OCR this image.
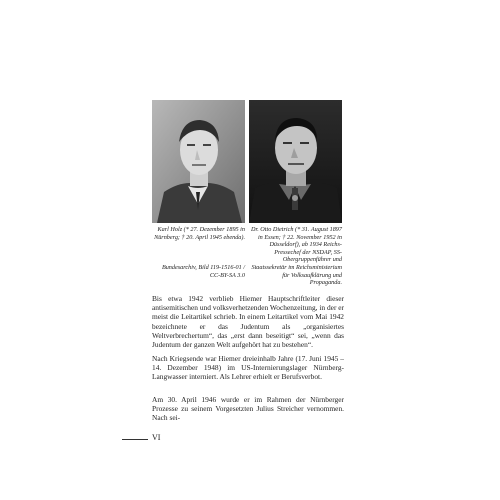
Karl Holz (* 27. Dezember 1895 in Nürnberg; † 20. April 1945 ebenda).
Bundesarchiv, Bild 119-1516-01 / CC-BY-SA 3.0
Dr. Otto Dietrich (* 31. August 1897 in Essen; † 22. November 1952 in Düsseldorf), ab 1934 Reichs-Pressechef der NSDAP, SS-Obergruppenführer und Staatssekretär im Reichsministerium für Volksaufklärung und Propaganda.
Bis etwa 1942 verblieb Hiemer Hauptschriftleiter dieser antisemitischen und volksverhetzenden Wochenzeitung, in der er meist die Leitartikel schrieb. In einem Leitartikel vom Mai 1942 bezeichnete er das Judentum als „organisiertes Weltverbrechertum“, das „erst dann beseitigt“ sei, „wenn das Judentum der ganzen Welt aufgehört hat zu bestehen“.
Nach Kriegsende war Hiemer dreieinhalb Jahre (17. Juni 1945 – 14. Dezember 1948) im US-Internierungslager Nürnberg-Langwasser interniert. Als Lehrer erhielt er Berufsverbot.
Am 30. April 1946 wurde er im Rahmen der Nürnberger Prozesse zu seinem Vorgesetzten Julius Streicher vernommen. Nach sei-
VI
